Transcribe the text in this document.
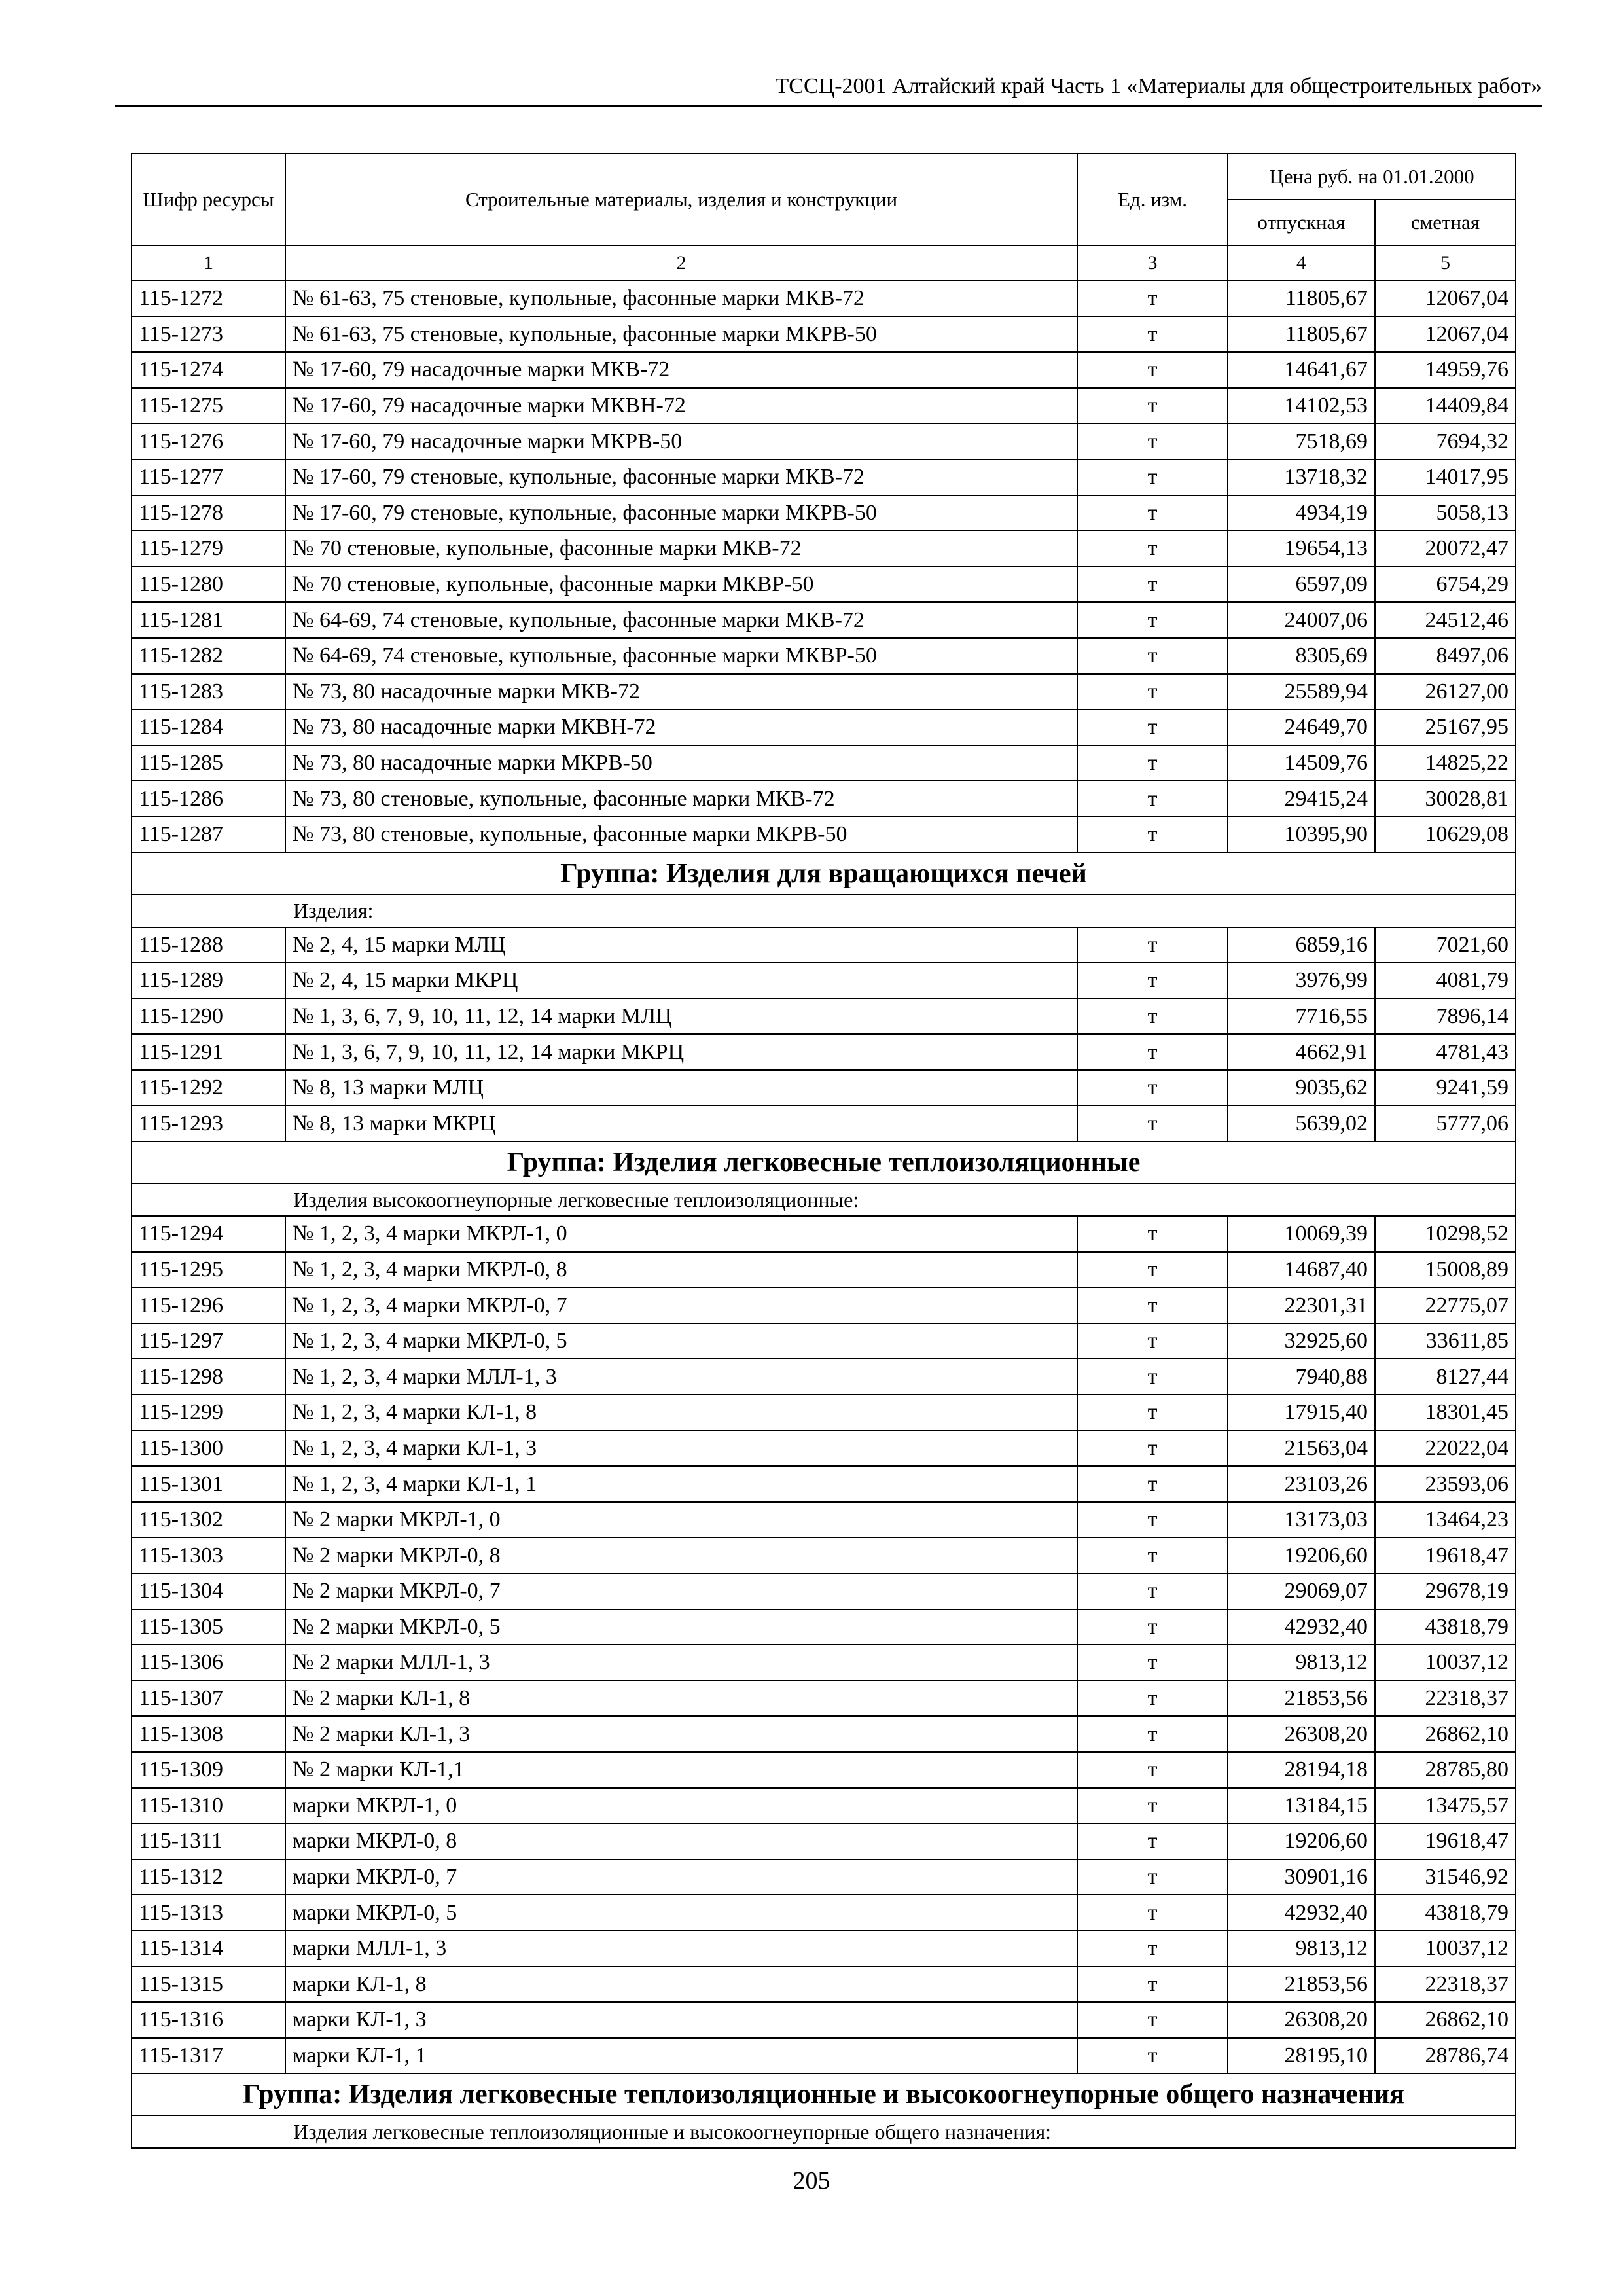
ТССЦ-2001 Алтайский край Часть 1 «Материалы для общестроительных работ»
Шифр ресурсы	Строительные материалы, изделия и конструкции	Ед. изм.	Цена руб. на 01.01.2000	
			отпускная	сметная
1	2	3	4	5
115-1272	№ 61-63, 75 стеновые, купольные, фасонные марки МКВ-72	т	11805,67	12067,04
115-1273	№ 61-63, 75 стеновые, купольные, фасонные марки МКРВ-50	т	11805,67	12067,04
115-1274	№ 17-60, 79 насадочные марки МКВ-72	т	14641,67	14959,76
115-1275	№ 17-60, 79 насадочные марки МКВН-72	т	14102,53	14409,84
115-1276	№ 17-60, 79 насадочные марки МКРВ-50	т	7518,69	7694,32
115-1277	№ 17-60, 79 стеновые, купольные, фасонные марки МКВ-72	т	13718,32	14017,95
115-1278	№ 17-60, 79 стеновые, купольные, фасонные марки МКРВ-50	т	4934,19	5058,13
115-1279	№ 70 стеновые, купольные, фасонные марки МКВ-72	т	19654,13	20072,47
115-1280	№ 70 стеновые, купольные, фасонные марки МКВР-50	т	6597,09	6754,29
115-1281	№ 64-69, 74 стеновые, купольные, фасонные марки МКВ-72	т	24007,06	24512,46
115-1282	№ 64-69, 74 стеновые, купольные, фасонные марки МКВР-50	т	8305,69	8497,06
115-1283	№ 73, 80 насадочные марки МКВ-72	т	25589,94	26127,00
115-1284	№ 73, 80 насадочные марки МКВН-72	т	24649,70	25167,95
115-1285	№ 73, 80 насадочные марки МКРВ-50	т	14509,76	14825,22
115-1286	№ 73, 80 стеновые, купольные, фасонные марки МКВ-72	т	29415,24	30028,81
115-1287	№ 73, 80 стеновые, купольные, фасонные марки МКРВ-50	т	10395,90	10629,08
Группа: Изделия для вращающихся печей				
Изделия:				
115-1288	№ 2, 4, 15 марки МЛЦ	т	6859,16	7021,60
115-1289	№ 2, 4, 15 марки МКРЦ	т	3976,99	4081,79
115-1290	№ 1, 3, 6, 7, 9, 10, 11, 12, 14 марки МЛЦ	т	7716,55	7896,14
115-1291	№ 1, 3, 6, 7, 9, 10, 11, 12, 14 марки МКРЦ	т	4662,91	4781,43
115-1292	№ 8, 13 марки МЛЦ	т	9035,62	9241,59
115-1293	№ 8, 13 марки МКРЦ	т	5639,02	5777,06
Группа: Изделия легковесные теплоизоляционные				
Изделия высокоогнеупорные легковесные теплоизоляционные:				
115-1294	№ 1, 2, 3, 4 марки МКРЛ-1, 0	т	10069,39	10298,52
115-1295	№ 1, 2, 3, 4 марки МКРЛ-0, 8	т	14687,40	15008,89
115-1296	№ 1, 2, 3, 4 марки МКРЛ-0, 7	т	22301,31	22775,07
115-1297	№ 1, 2, 3, 4 марки МКРЛ-0, 5	т	32925,60	33611,85
115-1298	№ 1, 2, 3, 4 марки МЛЛ-1, 3	т	7940,88	8127,44
115-1299	№ 1, 2, 3, 4 марки КЛ-1, 8	т	17915,40	18301,45
115-1300	№ 1, 2, 3, 4 марки КЛ-1, 3	т	21563,04	22022,04
115-1301	№ 1, 2, 3, 4 марки КЛ-1, 1	т	23103,26	23593,06
115-1302	№ 2 марки МКРЛ-1, 0	т	13173,03	13464,23
115-1303	№ 2 марки МКРЛ-0, 8	т	19206,60	19618,47
115-1304	№ 2 марки МКРЛ-0, 7	т	29069,07	29678,19
115-1305	№ 2 марки МКРЛ-0, 5	т	42932,40	43818,79
115-1306	№ 2 марки МЛЛ-1, 3	т	9813,12	10037,12
115-1307	№ 2 марки КЛ-1, 8	т	21853,56	22318,37
115-1308	№ 2 марки КЛ-1, 3	т	26308,20	26862,10
115-1309	№ 2 марки КЛ-1,1	т	28194,18	28785,80
115-1310	марки МКРЛ-1, 0	т	13184,15	13475,57
115-1311	марки МКРЛ-0, 8	т	19206,60	19618,47
115-1312	марки МКРЛ-0, 7	т	30901,16	31546,92
115-1313	марки МКРЛ-0, 5	т	42932,40	43818,79
115-1314	марки МЛЛ-1, 3	т	9813,12	10037,12
115-1315	марки КЛ-1, 8	т	21853,56	22318,37
115-1316	марки КЛ-1, 3	т	26308,20	26862,10
115-1317	марки КЛ-1, 1	т	28195,10	28786,74
Группа: Изделия легковесные теплоизоляционные и высокоогнеупорные общего назначения				
Изделия легковесные теплоизоляционные и высокоогнеупорные общего назначения:				
205
